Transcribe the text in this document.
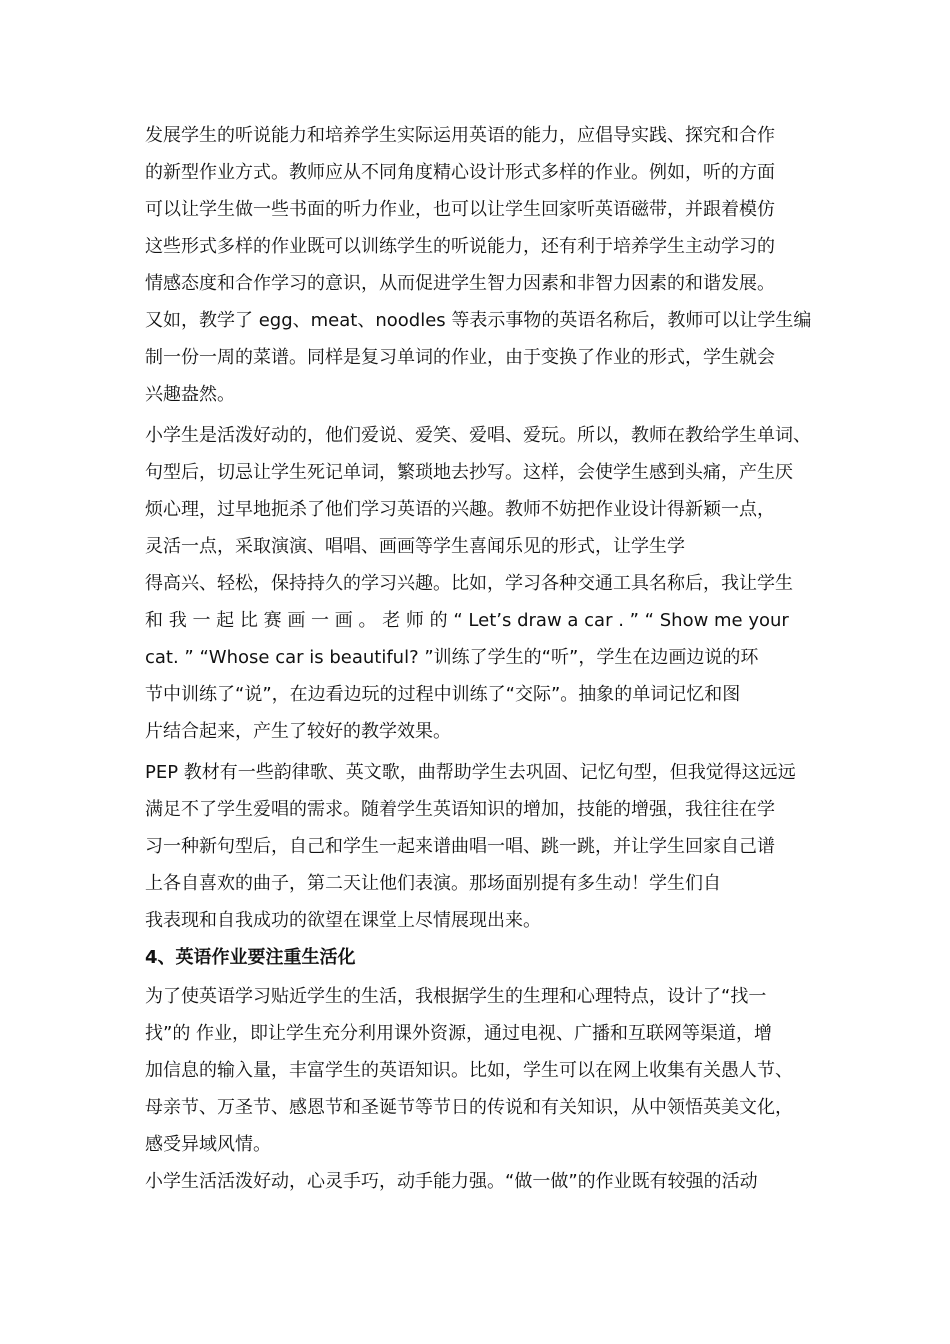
发展学生的听说能力和培养学生实际运用英语的能力，应倡导实践、探究和合作
的新型作业方式。教师应从不同角度精心设计形式多样的作业。例如，听的方面
可以让学生做一些书面的听力作业，也可以让学生回家听英语磁带，并跟着模仿
这些形式多样的作业既可以训练学生的听说能力，还有利于培养学生主动学习的
情感态度和合作学习的意识，从而促进学生智力因素和非智力因素的和谐发展。
又如，教学了 egg、meat、noodles 等表示事物的英语名称后，教师可以让学生编
制一份一周的菜谱。同样是复习单词的作业，由于变换了作业的形式，学生就会
兴趣盎然。
小学生是活泼好动的，他们爱说、爱笑、爱唱、爱玩。所以，教师在教给学生单词、
句型后，切忌让学生死记单词，繁琐地去抄写。这样，会使学生感到头痛，产生厌
烦心理，过早地扼杀了他们学习英语的兴趣。教师不妨把作业设计得新颖一点，
灵活一点，采取演演、唱唱、画画等学生喜闻乐见的形式，让学生学
得高兴、轻松，保持持久的学习兴趣。比如，学习各种交通工具名称后，我让学生
和 我 一 起 比 赛 画 一 画 。 老 师 的 “ Let’s draw a car . ” “ Show me your
cat. ” “Whose car is beautiful? ”训练了学生的“听”，学生在边画边说的环
节中训练了“说”，在边看边玩的过程中训练了“交际”。抽象的单词记忆和图
片结合起来，产生了较好的教学效果。
PEP 教材有一些韵律歌、英文歌，曲帮助学生去巩固、记忆句型，但我觉得这远远
满足不了学生爱唱的需求。随着学生英语知识的增加，技能的增强，我往往在学
习一种新句型后，自己和学生一起来谱曲唱一唱、跳一跳，并让学生回家自己谱
上各自喜欢的曲子，第二天让他们表演。那场面别提有多生动！学生们自
我表现和自我成功的欲望在课堂上尽情展现出来。
4、英语作业要注重生活化
为了使英语学习贴近学生的生活，我根据学生的生理和心理特点，设计了“找一
找”的 作业，即让学生充分利用课外资源，通过电视、广播和互联网等渠道，增
加信息的输入量，丰富学生的英语知识。比如，学生可以在网上收集有关愚人节、
母亲节、万圣节、感恩节和圣诞节等节日的传说和有关知识，从中领悟英美文化，
感受异域风情。
小学生活活泼好动，心灵手巧，动手能力强。“做一做”的作业既有较强的活动
